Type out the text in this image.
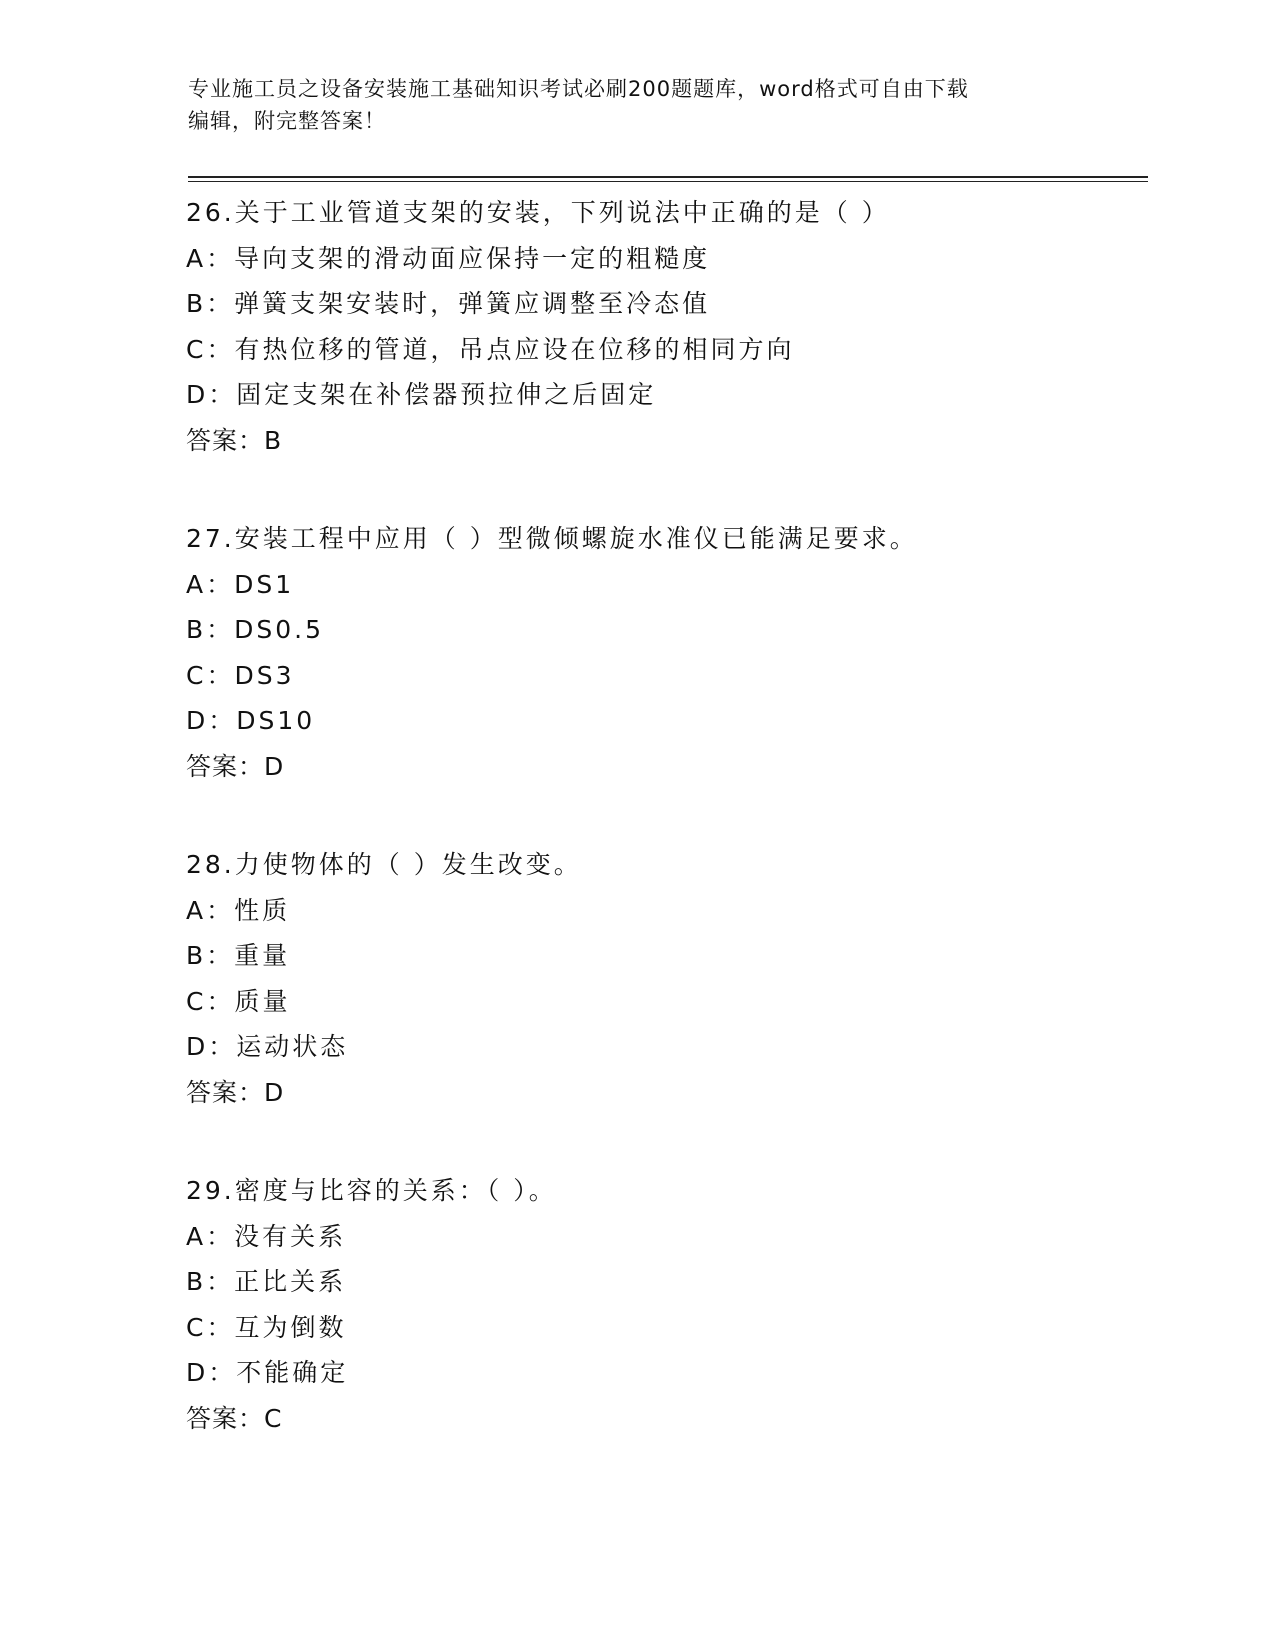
专业施工员之设备安装施工基础知识考试必刷200题题库，word格式可自由下载
编辑，附完整答案！
26.关于工业管道支架的安装，下列说法中正确的是（ ）
A：导向支架的滑动面应保持一定的粗糙度
B：弹簧支架安装时，弹簧应调整至冷态值
C：有热位移的管道，吊点应设在位移的相同方向
D：固定支架在补偿器预拉伸之后固定
答案：B
27.安装工程中应用（ ）型微倾螺旋水准仪已能满足要求。
A：DS1
B：DS0.5
C：DS3
D：DS10
答案：D
28.力使物体的（ ）发生改变。
A：性质
B：重量
C：质量
D：运动状态
答案：D
29.密度与比容的关系：（ ）。
A：没有关系
B：正比关系
C：互为倒数
D：不能确定
答案：C
